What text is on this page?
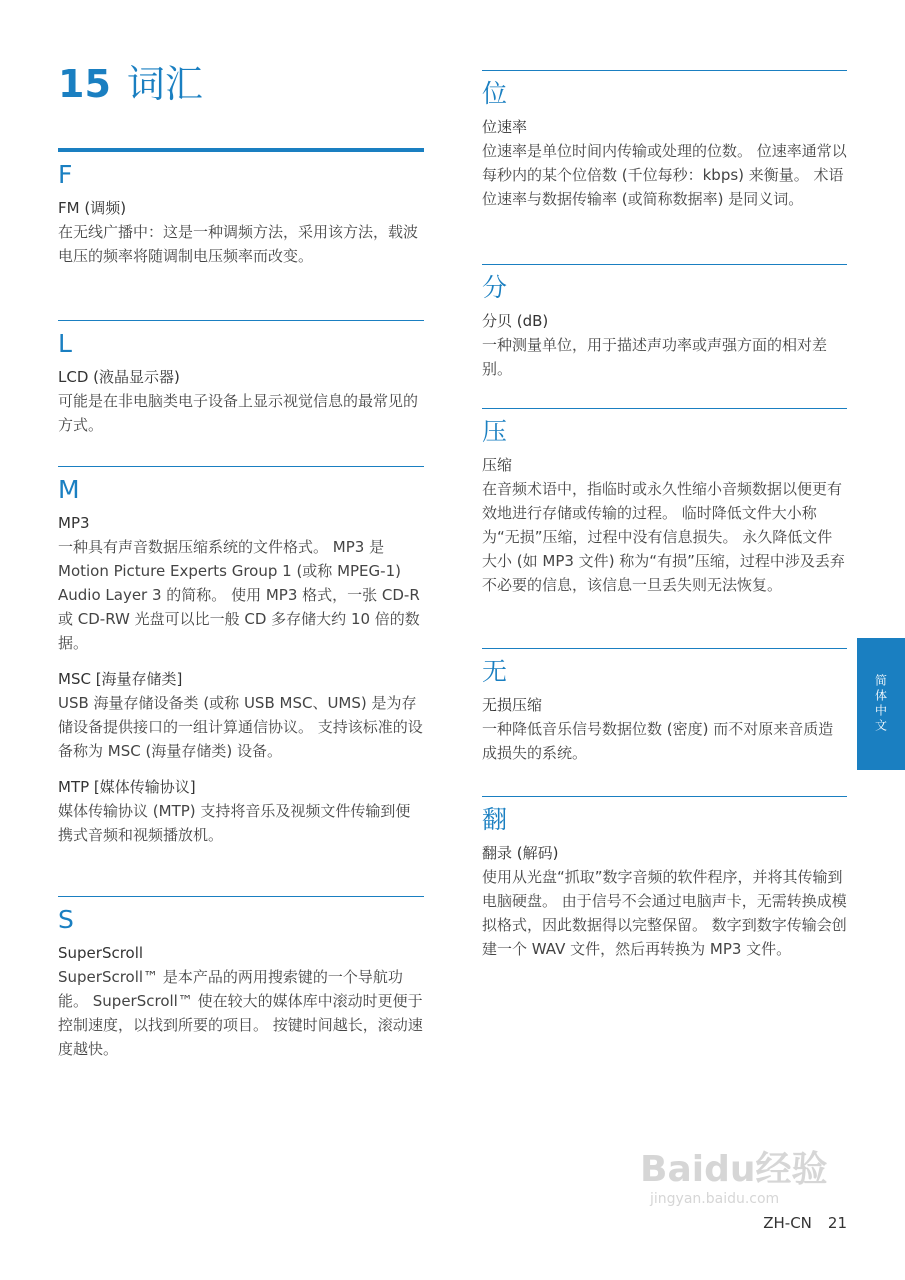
15 词汇
F
FM (调频)
在无线广播中：这是一种调频方法，采用该方法，载波电压的频率将随调制电压频率而改变。
L
LCD (液晶显示器)
可能是在非电脑类电子设备上显示视觉信息的最常见的方式。
M
MP3
一种具有声音数据压缩系统的文件格式。 MP3 是 Motion Picture Experts Group 1 (或称 MPEG-1) Audio Layer 3 的简称。 使用 MP3 格式，一张 CD-R 或 CD-RW 光盘可以比一般 CD 多存储大约 10 倍的数据。
MSC [海量存储类]
USB 海量存储设备类 (或称 USB MSC、UMS) 是为存储设备提供接口的一组计算通信协议。 支持该标准的设备称为 MSC (海量存储类) 设备。
MTP [媒体传输协议]
媒体传输协议 (MTP) 支持将音乐及视频文件传输到便携式音频和视频播放机。
S
SuperScroll
SuperScroll™ 是本产品的两用搜索键的一个导航功能。 SuperScroll™ 使在较大的媒体库中滚动时更便于控制速度，以找到所要的项目。 按键时间越长，滚动速度越快。
位
位速率
位速率是单位时间内传输或处理的位数。 位速率通常以每秒内的某个位倍数 (千位每秒：kbps) 来衡量。 术语位速率与数据传输率 (或简称数据率) 是同义词。
分
分贝 (dB)
一种测量单位，用于描述声功率或声强方面的相对差别。
压
压缩
在音频术语中，指临时或永久性缩小音频数据以便更有效地进行存储或传输的过程。 临时降低文件大小称为“无损”压缩，过程中没有信息损失。 永久降低文件大小 (如 MP3 文件) 称为“有损”压缩，过程中涉及丢弃不必要的信息，该信息一旦丢失则无法恢复。
无
无损压缩
一种降低音乐信号数据位数 (密度) 而不对原来音质造成损失的系统。
翻
翻录 (解码)
使用从光盘“抓取”数字音频的软件程序，并将其传输到电脑硬盘。 由于信号不会通过电脑声卡，无需转换成模拟格式，因此数据得以完整保留。 数字到数字传输会创建一个 WAV 文件，然后再转换为 MP3 文件。
简体中文
Baidu经验
jingyan.baidu.com
ZH-CN 21
